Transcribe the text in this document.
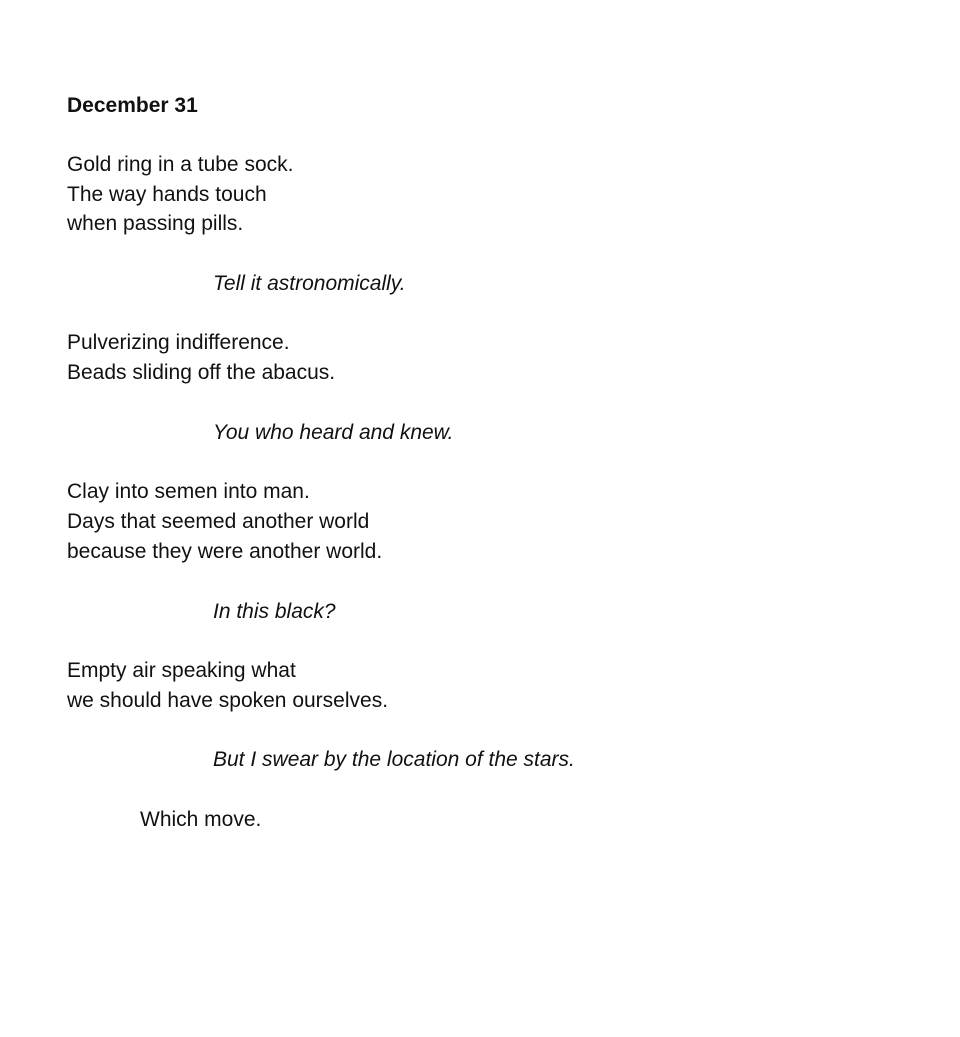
December 31

Gold ring in a tube sock.

The way hands touch

when passing pills.

Tell it astronomically.

Pulverizing indifference.

Beads sliding off the abacus.

You who heard and knew.

Clay into semen into man.

Days that seemed another world

because they were another world.

In this black?

Empty air speaking what

we should have spoken ourselves.

But I swear by the location of the stars.

Which move.
